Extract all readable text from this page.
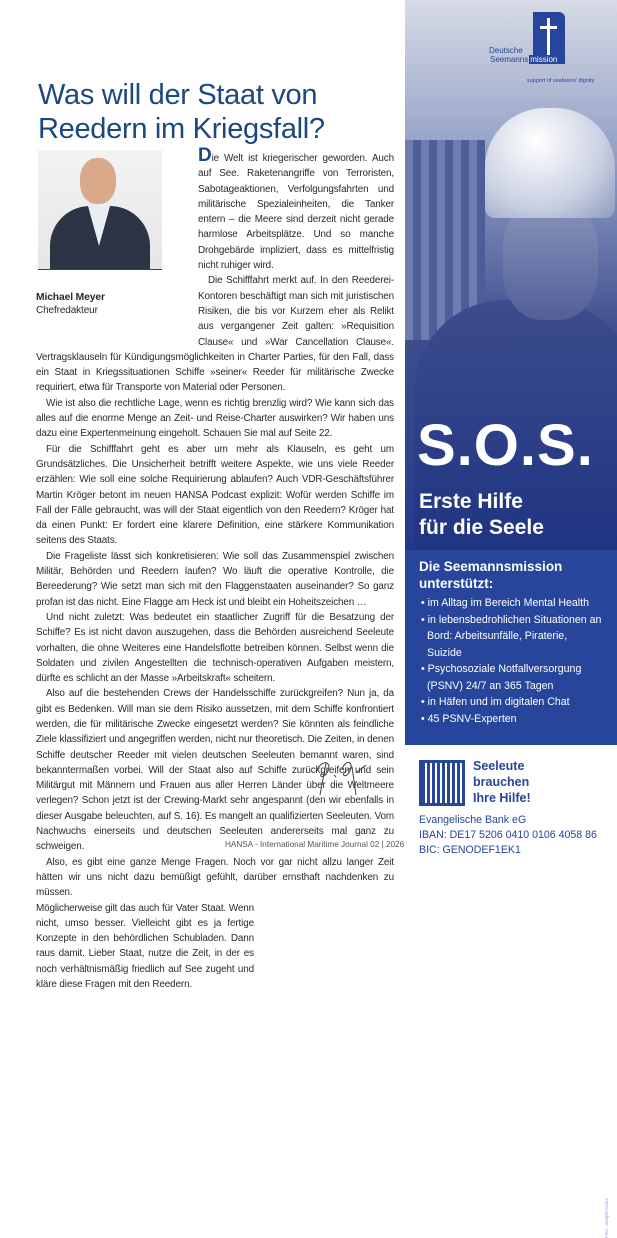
Was will der Staat von Reedern im Kriegsfall?
Michael Meyer
Chefredakteur

Die Welt ist kriegerischer geworden. Auch auf See. Raketenangriffe von Terroristen, Sabotageaktionen, Verfolgungsfahrten und militärische Spezialeinheiten, die Tanker entern – die Meere sind derzeit nicht gerade harmlose Arbeitsplätze. Und so manche Drohgebärde impliziert, dass es mittelfristig nicht ruhiger wird.

Die Schifffahrt merkt auf. In den Reederei-Kontoren beschäftigt man sich mit juristischen Risiken, die bis vor Kurzem eher als Relikt aus vergangener Zeit galten: »Requisition Clause« und »War Cancellation Clause«. Vertragsklauseln für Kündigungsmöglichkeiten in Charter Parties, für den Fall, dass ein Staat in Kriegssituationen Schiffe »seiner« Reeder für militärische Zwecke requiriert, etwa für Transporte von Material oder Personen.

Wie ist also die rechtliche Lage, wenn es richtig brenzlig wird? Wie kann sich das alles auf die enorme Menge an Zeit- und Reise-Charter auswirken? Wir haben uns dazu eine Expertenmeinung eingeholt. Schauen Sie mal auf Seite 22.

Für die Schifffahrt geht es aber um mehr als Klauseln, es geht um Grundsätzliches. Die Unsicherheit betrifft weitere Aspekte, wie uns viele Reeder erzählen: Wie soll eine solche Requirierung ablaufen? Auch VDR-Geschäftsführer Martin Kröger betont im neuen HANSA Podcast explizit: Wofür werden Schiffe im Fall der Fälle gebraucht, was will der Staat eigentlich von den Reedern? Kröger hat da einen Punkt: Er fordert eine klarere Definition, eine stärkere Kommunikation seitens des Staats.

Die Frageliste lässt sich konkretisieren: Wie soll das Zusammenspiel zwischen Militär, Behörden und Reedern laufen? Wo läuft die operative Kontrolle, die Bereederung? Wie setzt man sich mit den Flaggenstaaten auseinander? So ganz profan ist das nicht. Eine Flagge am Heck ist und bleibt ein Hoheitszeichen …

Und nicht zuletzt: Was bedeutet ein staatlicher Zugriff für die Besatzung der Schiffe? Es ist nicht davon auszugehen, dass die Behörden ausreichend Seeleute vorhalten, die ohne Weiteres eine Handelsflotte betreiben können. Selbst wenn die Soldaten und zivilen Angestellten die technisch-operativen Aufgaben meistern, dürfte es schlicht an der Masse »Arbeitskraft« scheitern.

Also auf die bestehenden Crews der Handelsschiffe zurückgreifen? Nun ja, da gibt es Bedenken. Will man sie dem Risiko aussetzen, mit dem Schiffe konfrontiert werden, die für militärische Zwecke eingesetzt werden? Sie könnten als feindliche Ziele klassifiziert und angegriffen werden, nicht nur theoretisch. Die Zeiten, in denen Schiffe deutscher Reeder mit vielen deutschen Seeleuten bemannt waren, sind bekanntermaßen vorbei. Will der Staat also auf Schiffe zurückgreifen und sein Militärgut mit Männern und Frauen aus aller Herren Länder über die Weltmeere verlegen? Schon jetzt ist der Crewing-Markt sehr angespannt (den wir ebenfalls in dieser Ausgabe beleuchten, auf S. 16). Es mangelt an qualifizierten Seeleuten. Vom Nachwuchs einerseits und deutschen Seeleuten andererseits mal ganz zu schweigen.

Also, es gibt eine ganze Menge Fragen. Noch vor gar nicht allzu langer Zeit hätten wir uns nicht dazu bemüßigt gefühlt, darüber ernsthaft nachdenken zu müssen.

Möglicherweise gilt das auch für Vater Staat. Wenn nicht, umso besser. Vielleicht gibt es ja fertige Konzepte in den behördlichen Schubladen. Dann raus damit. Lieber Staat, nutze die Zeit, in der es noch verhältnismäßig friedlich auf See zugeht und kläre diese Fragen mit den Reedern.

HANSA - International Maritime Journal 02 | 2026
Deutsche
Seemanns mission
support of seafarers' dignity
S.O.S.
Erste Hilfe
für die Seele
Die Seemannsmission unterstützt:
• im Alltag im Bereich Mental Health
• in lebensbedrohlichen Situationen an Bord: Arbeitsunfälle, Piraterie, Suizide
• Psychosoziale Notfallversorgung (PSNV) 24/7 an 365 Tagen
• in Häfen und im digitalen Chat
• 45 PSNV-Experten
Foto: Joseph Hocks
Seeleute
brauchen
Ihre Hilfe!
Evangelische Bank eG
IBAN: DE17 5206 0410 0106 4058 86
BIC: GENODEF1EK1
